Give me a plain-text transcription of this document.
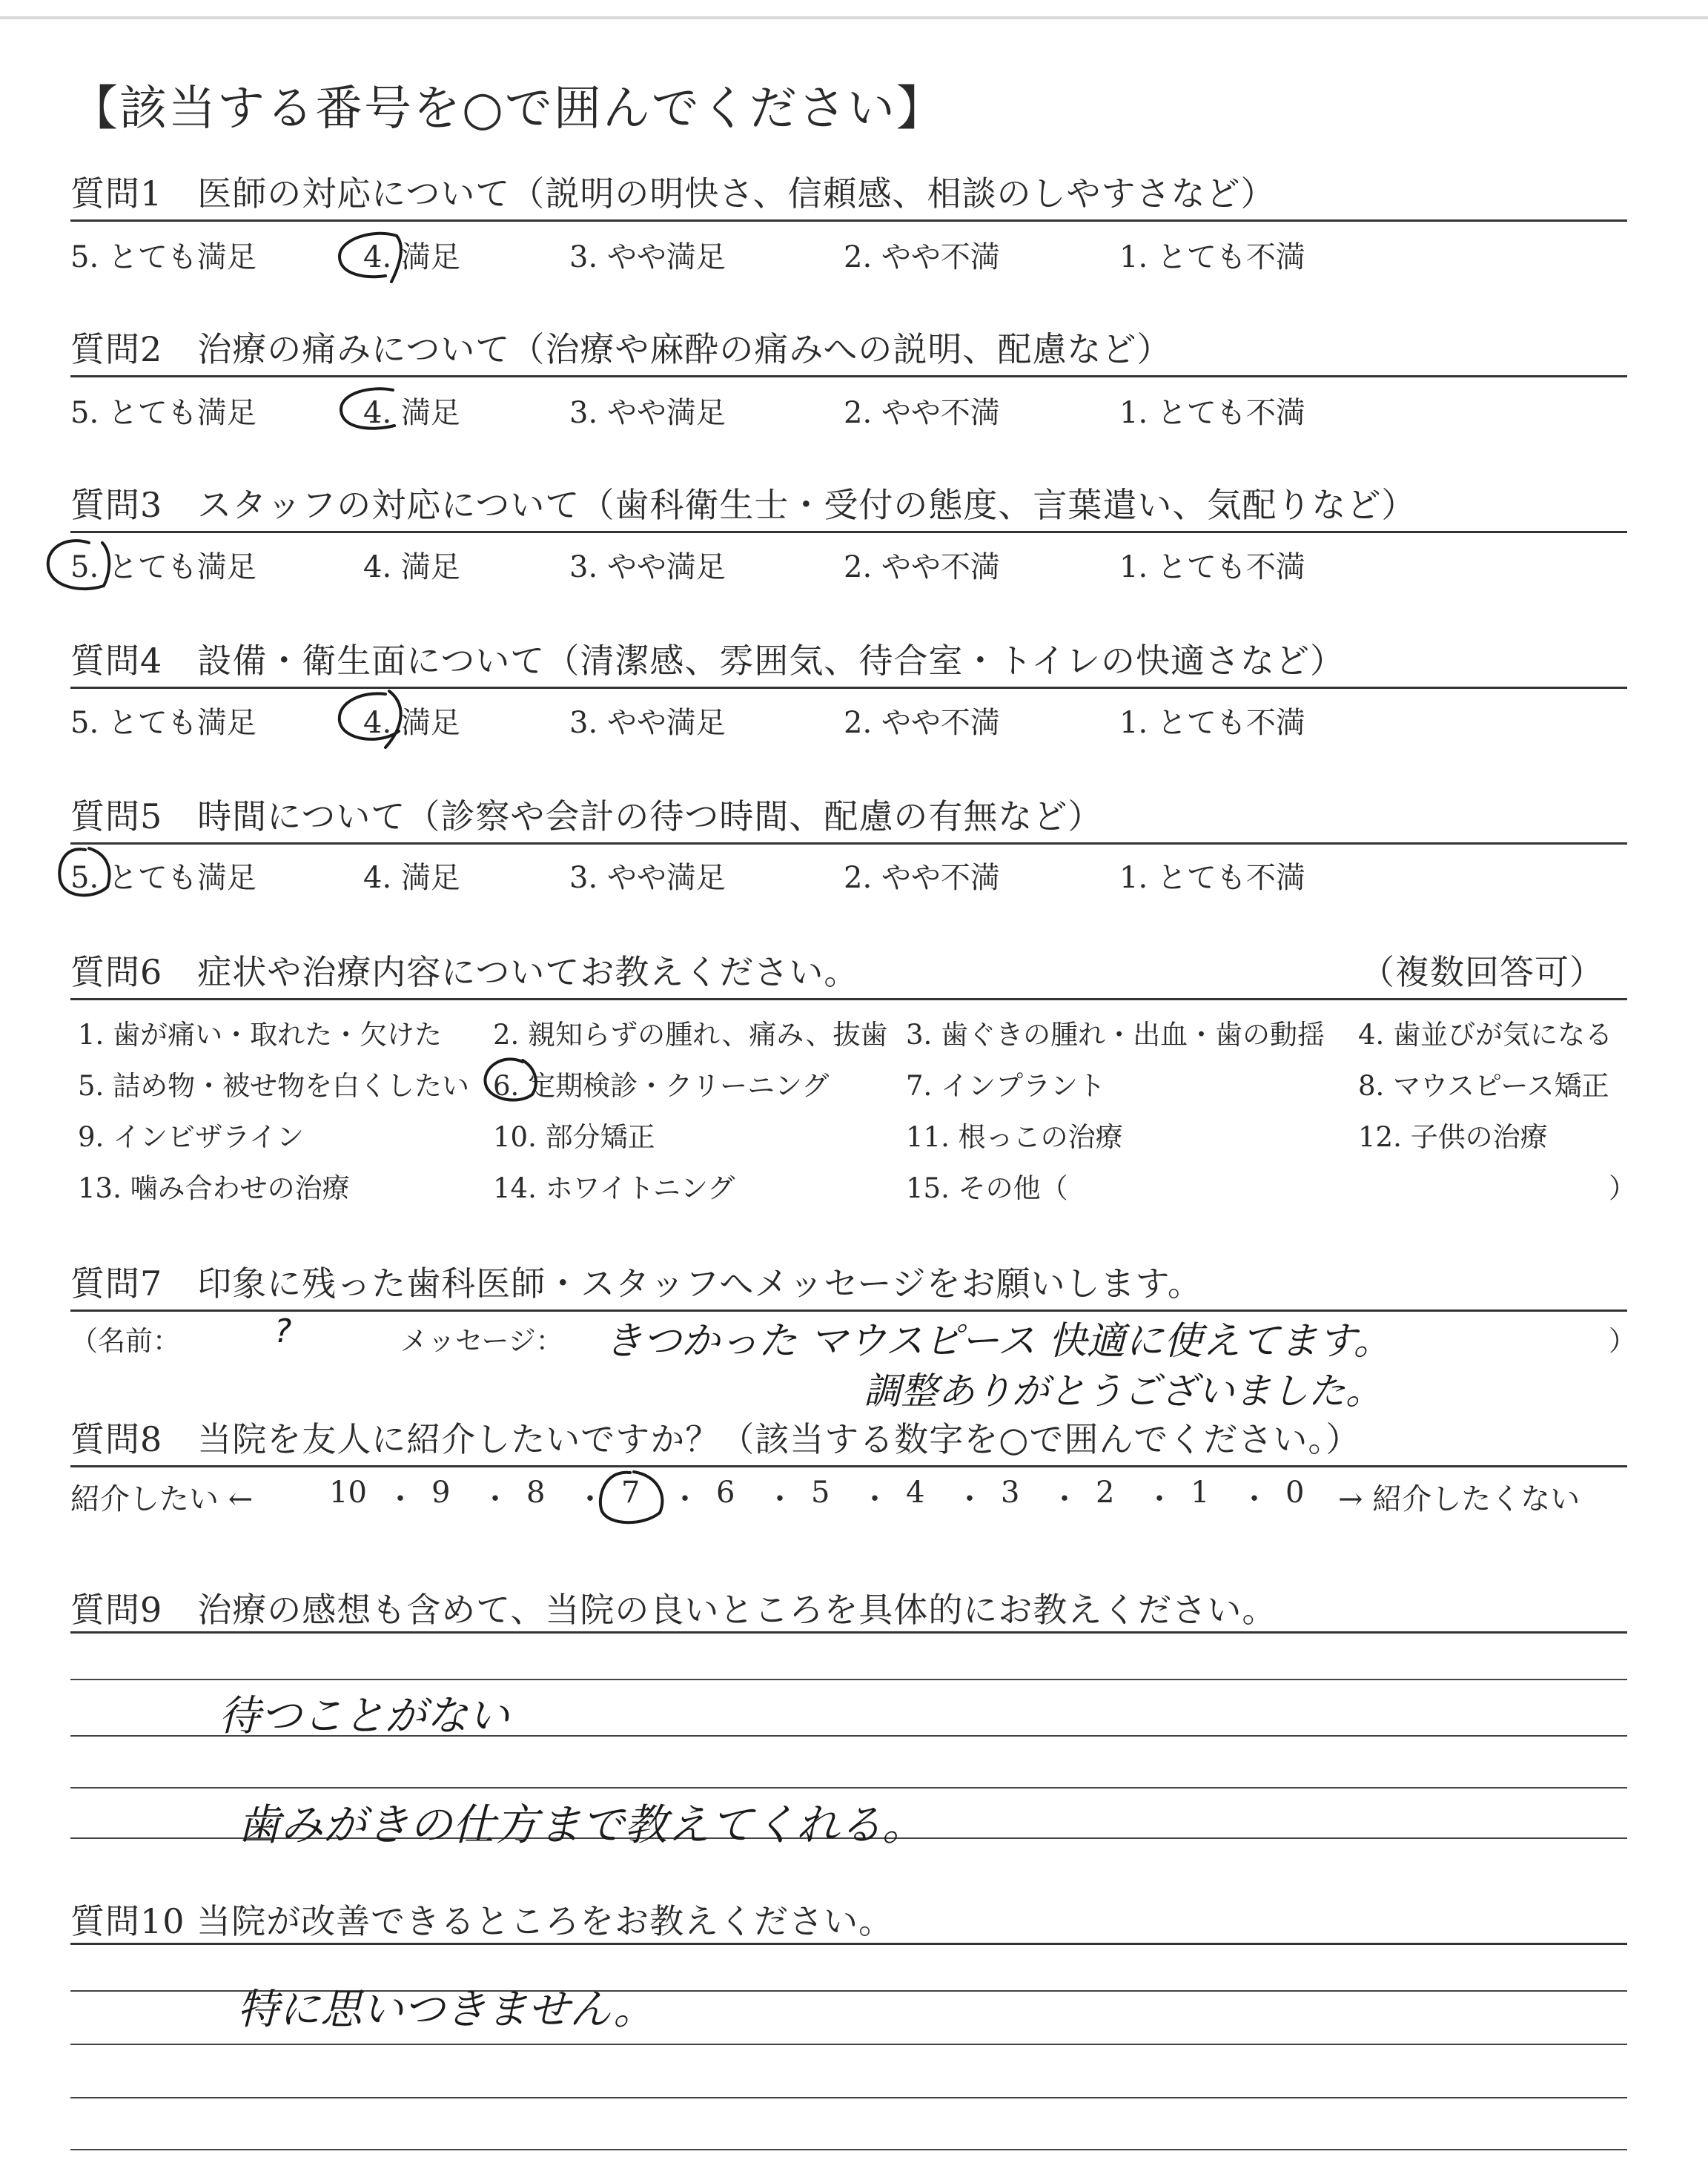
【該当する番号を○で囲んでください】
質問1　医師の対応について（説明の明快さ、信頼感、相談のしやすさなど）
5. とても満足	4. 満足	3. やや満足	2. やや不満	1. とても不満
質問2　治療の痛みについて（治療や麻酔の痛みへの説明、配慮など）
5. とても満足	4. 満足	3. やや満足	2. やや不満	1. とても不満
質問3　スタッフの対応について（歯科衛生士・受付の態度、言葉遣い、気配りなど）
5. とても満足	4. 満足	3. やや満足	2. やや不満	1. とても不満
質問4　設備・衛生面について（清潔感、雰囲気、待合室・トイレの快適さなど）
5. とても満足	4. 満足	3. やや満足	2. やや不満	1. とても不満
質問5　時間について（診察や会計の待つ時間、配慮の有無など）
5. とても満足	4. 満足	3. やや満足	2. やや不満	1. とても不満
質問6　症状や治療内容についてお教えください。	（複数回答可）
1. 歯が痛い・取れた・欠けた 2. 親知らずの腫れ、痛み、抜歯 3. 歯ぐきの腫れ・出血・歯の動揺 4. 歯並びが気になる
5. 詰め物・被せ物を白くしたい 6. 定期検診・クリーニング	7. インプラント	8. マウスピース矯正
9. インビザライン	10. 部分矯正	11. 根っこの治療	12. 子供の治療
13. 噛み合わせの治療	14. ホワイトニング	15. その他（	）
質問7　印象に残った歯科医師・スタッフへメッセージをお願いします。
（名前：	?	メッセージ： きつかった マウスピース 快適に使えてます。
調整ありがとうございました。
）
質問8　当院を友人に紹介したいですか？（該当する数字を○で囲んでください。）
紹介したい ←	→ 紹介したくない
10 ・ 9 ・ 8 ・ 7 ・ 6 ・ 5 ・ 4 ・ 3 ・ 2 ・ 1 ・ 0
質問9　治療の感想も含めて、当院の良いところを具体的にお教えください。
待つことがない
歯みがきの仕方まで教えてくれる。
質問10 当院が改善できるところをお教えください。
特に思いつきません。
